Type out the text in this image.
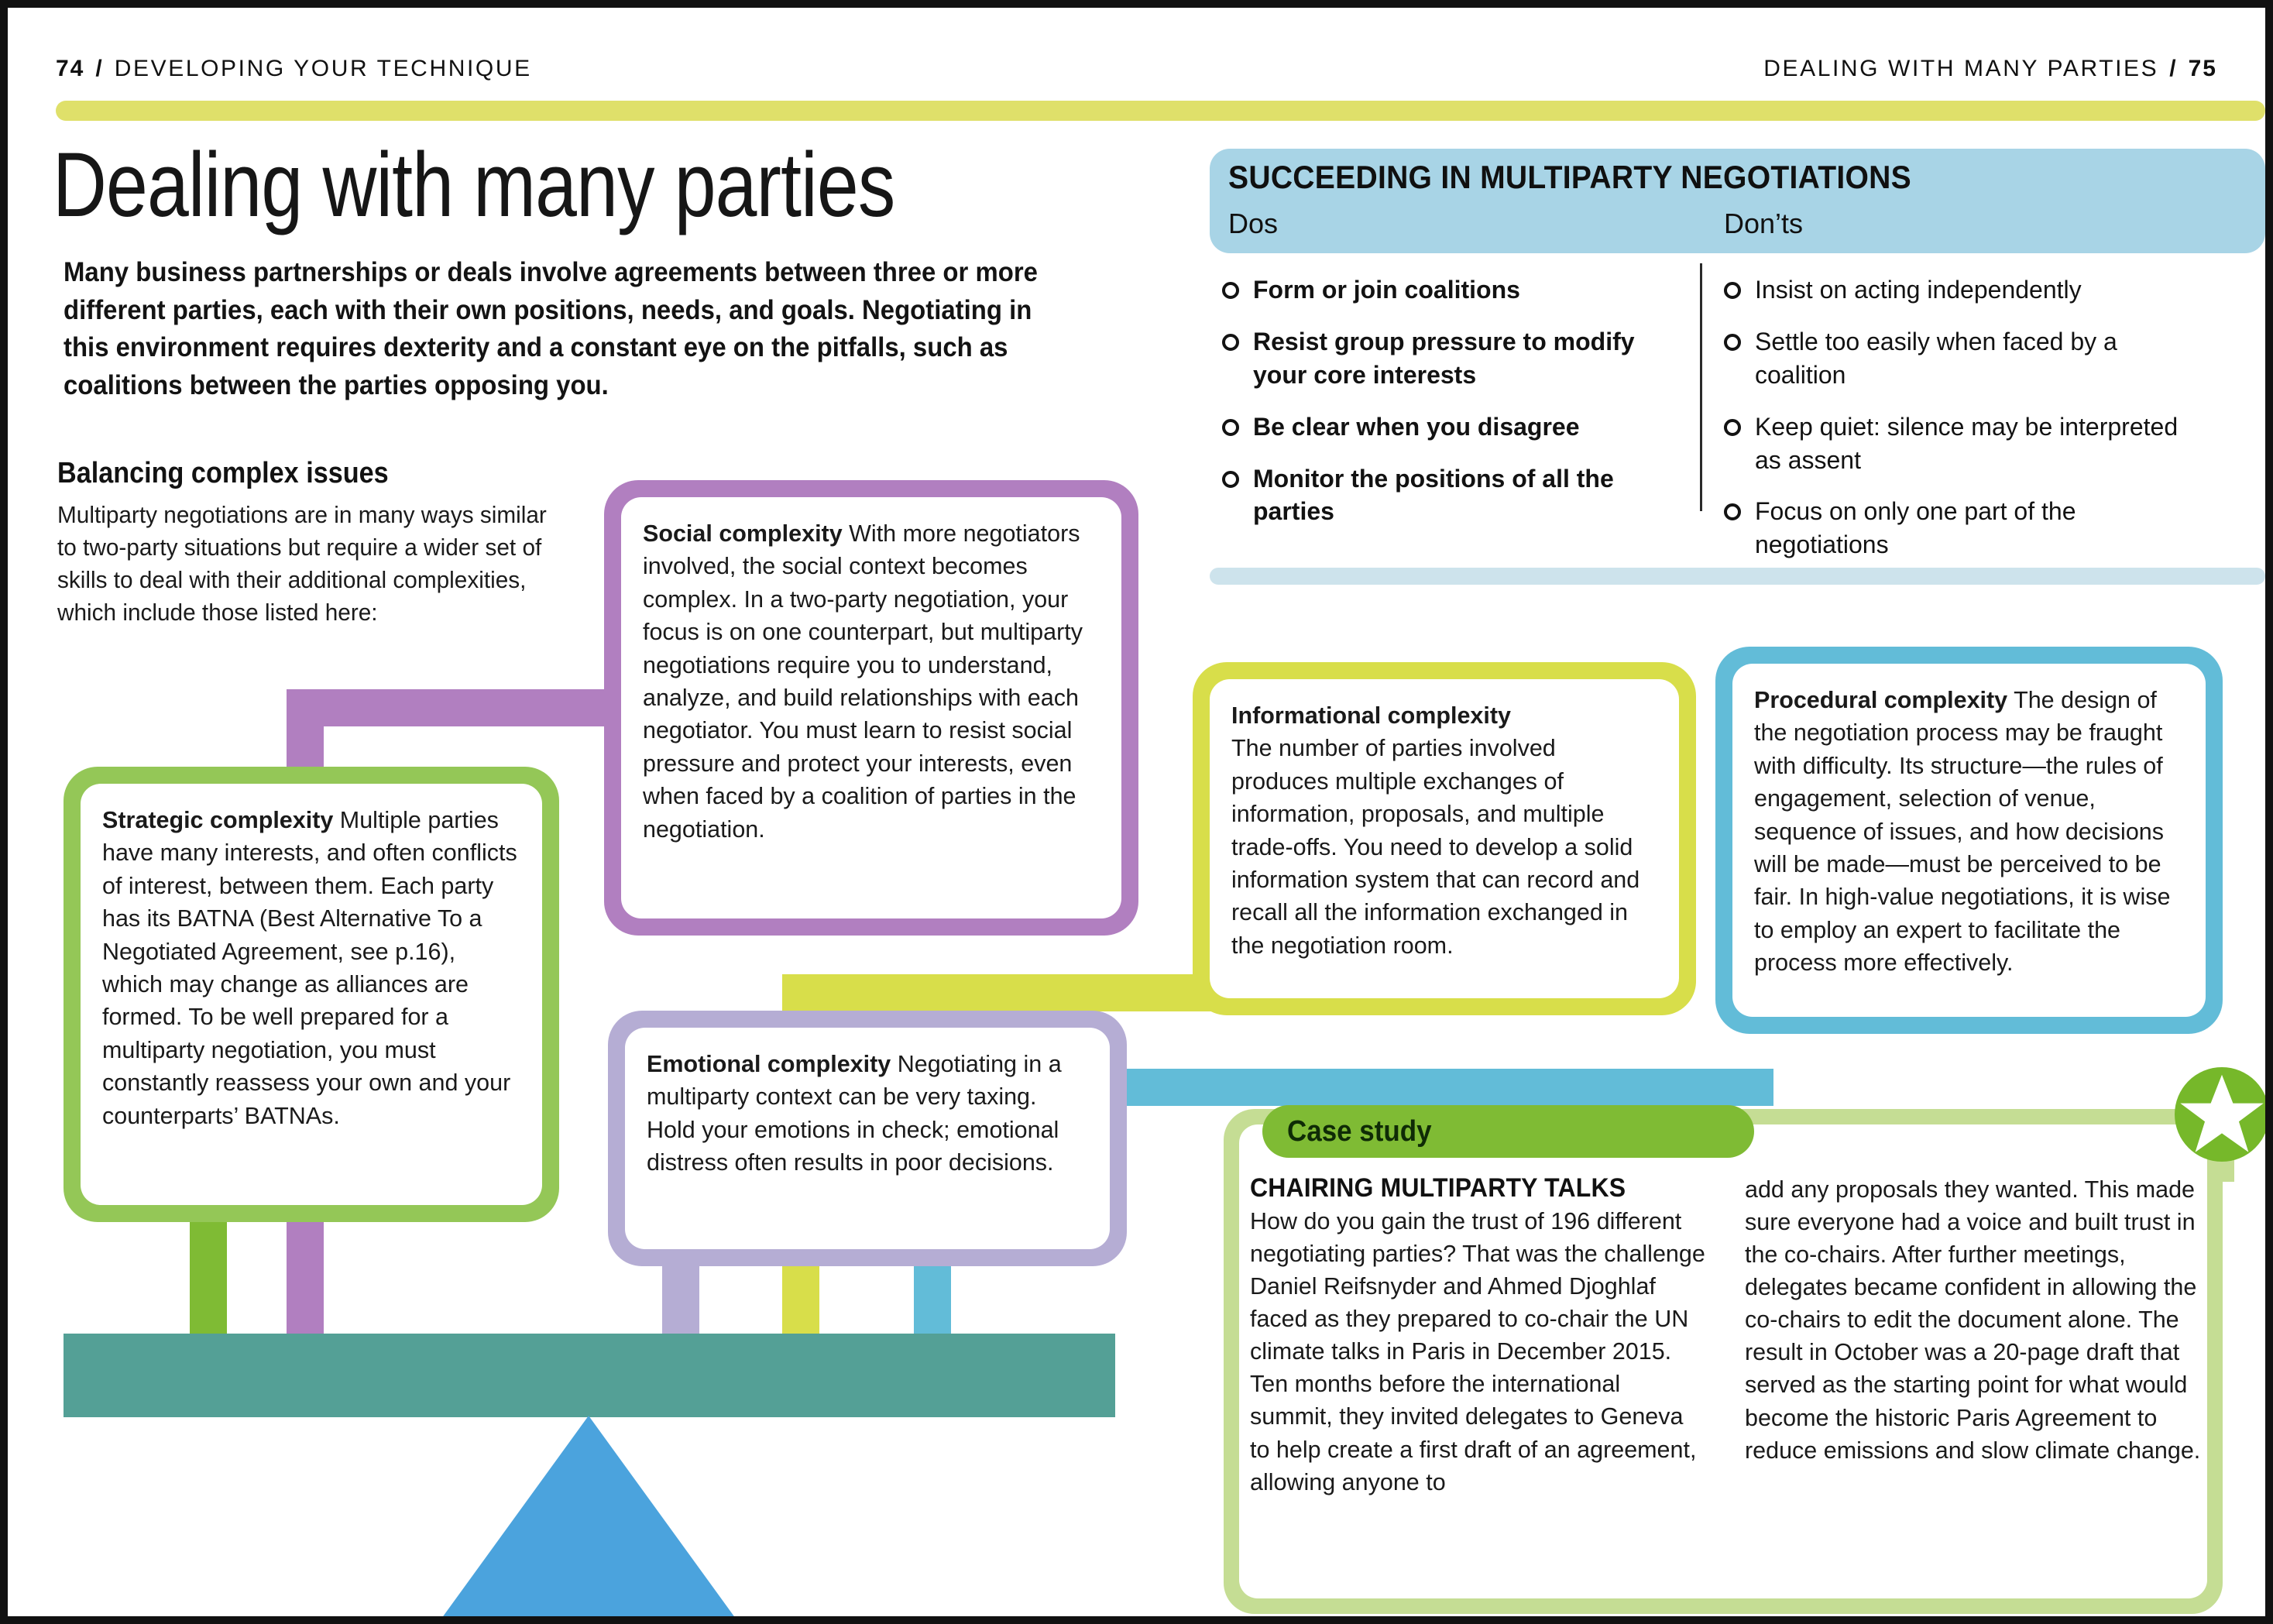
74 / DEVELOPING YOUR TECHNIQUE	DEALING WITH MANY PARTIES / 75
Dealing with many parties
Many business partnerships or deals involve agreements between three or more different parties, each with their own positions, needs, and goals. Negotiating in this environment requires dexterity and a constant eye on the pitfalls, such as coalitions between the parties opposing you.
Balancing complex issues
Multiparty negotiations are in many ways similar to two-party situations but require a wider set of skills to deal with their additional complexities, which include those listed here:
SUCCEEDING IN MULTIPARTY NEGOTIATIONS
Dos	Don’ts
Form or join coalitions
Resist group pressure to modify your core interests
Be clear when you disagree
Monitor the positions of all the parties
Insist on acting independently
Settle too easily when faced by a coalition
Keep quiet: silence may be interpreted as assent
Focus on only one part of the negotiations

Social complexity With more negotiators involved, the social context becomes complex. In a two-party negotiation, your focus is on one counterpart, but multiparty negotiations require you to understand, analyze, and build relationships with each negotiator. You must learn to resist social pressure and protect your interests, even when faced by a coalition of parties in the negotiation.

Strategic complexity Multiple parties have many interests, and often conflicts of interest, between them. Each party has its BATNA (Best Alternative To a Negotiated Agreement, see p.16), which may change as alliances are formed. To be well prepared for a multiparty negotiation, you must constantly reassess your own and your counterparts’ BATNAs.

Informational complexity
The number of parties involved produces multiple exchanges of information, proposals, and multiple trade-offs. You need to develop a solid information system that can record and recall all the information exchanged in the negotiation room.

Procedural complexity The design of the negotiation process may be fraught with difficulty. Its structure—the rules of engagement, selection of venue, sequence of issues, and how decisions will be made—must be perceived to be fair. In high-value negotiations, it is wise to employ an expert to facilitate the process more effectively.

Emotional complexity Negotiating in a multiparty context can be very taxing. Hold your emotions in check; emotional distress often results in poor decisions.

Case study
CHAIRING MULTIPARTY TALKS

How do you gain the trust of 196 different negotiating parties? That was the challenge Daniel Reifsnyder and Ahmed Djoghlaf faced as they prepared to co-chair the UN climate talks in Paris in December 2015. Ten months before the international summit, they invited delegates to Geneva to help create a first draft of an agreement, allowing anyone to

add any proposals they wanted. This made sure everyone had a voice and built trust in the co-chairs. After further meetings, delegates became confident in allowing the co-chairs to edit the document alone. The result in October was a 20-page draft that served as the starting point for what would become the historic Paris Agreement to reduce emissions and slow climate change.
